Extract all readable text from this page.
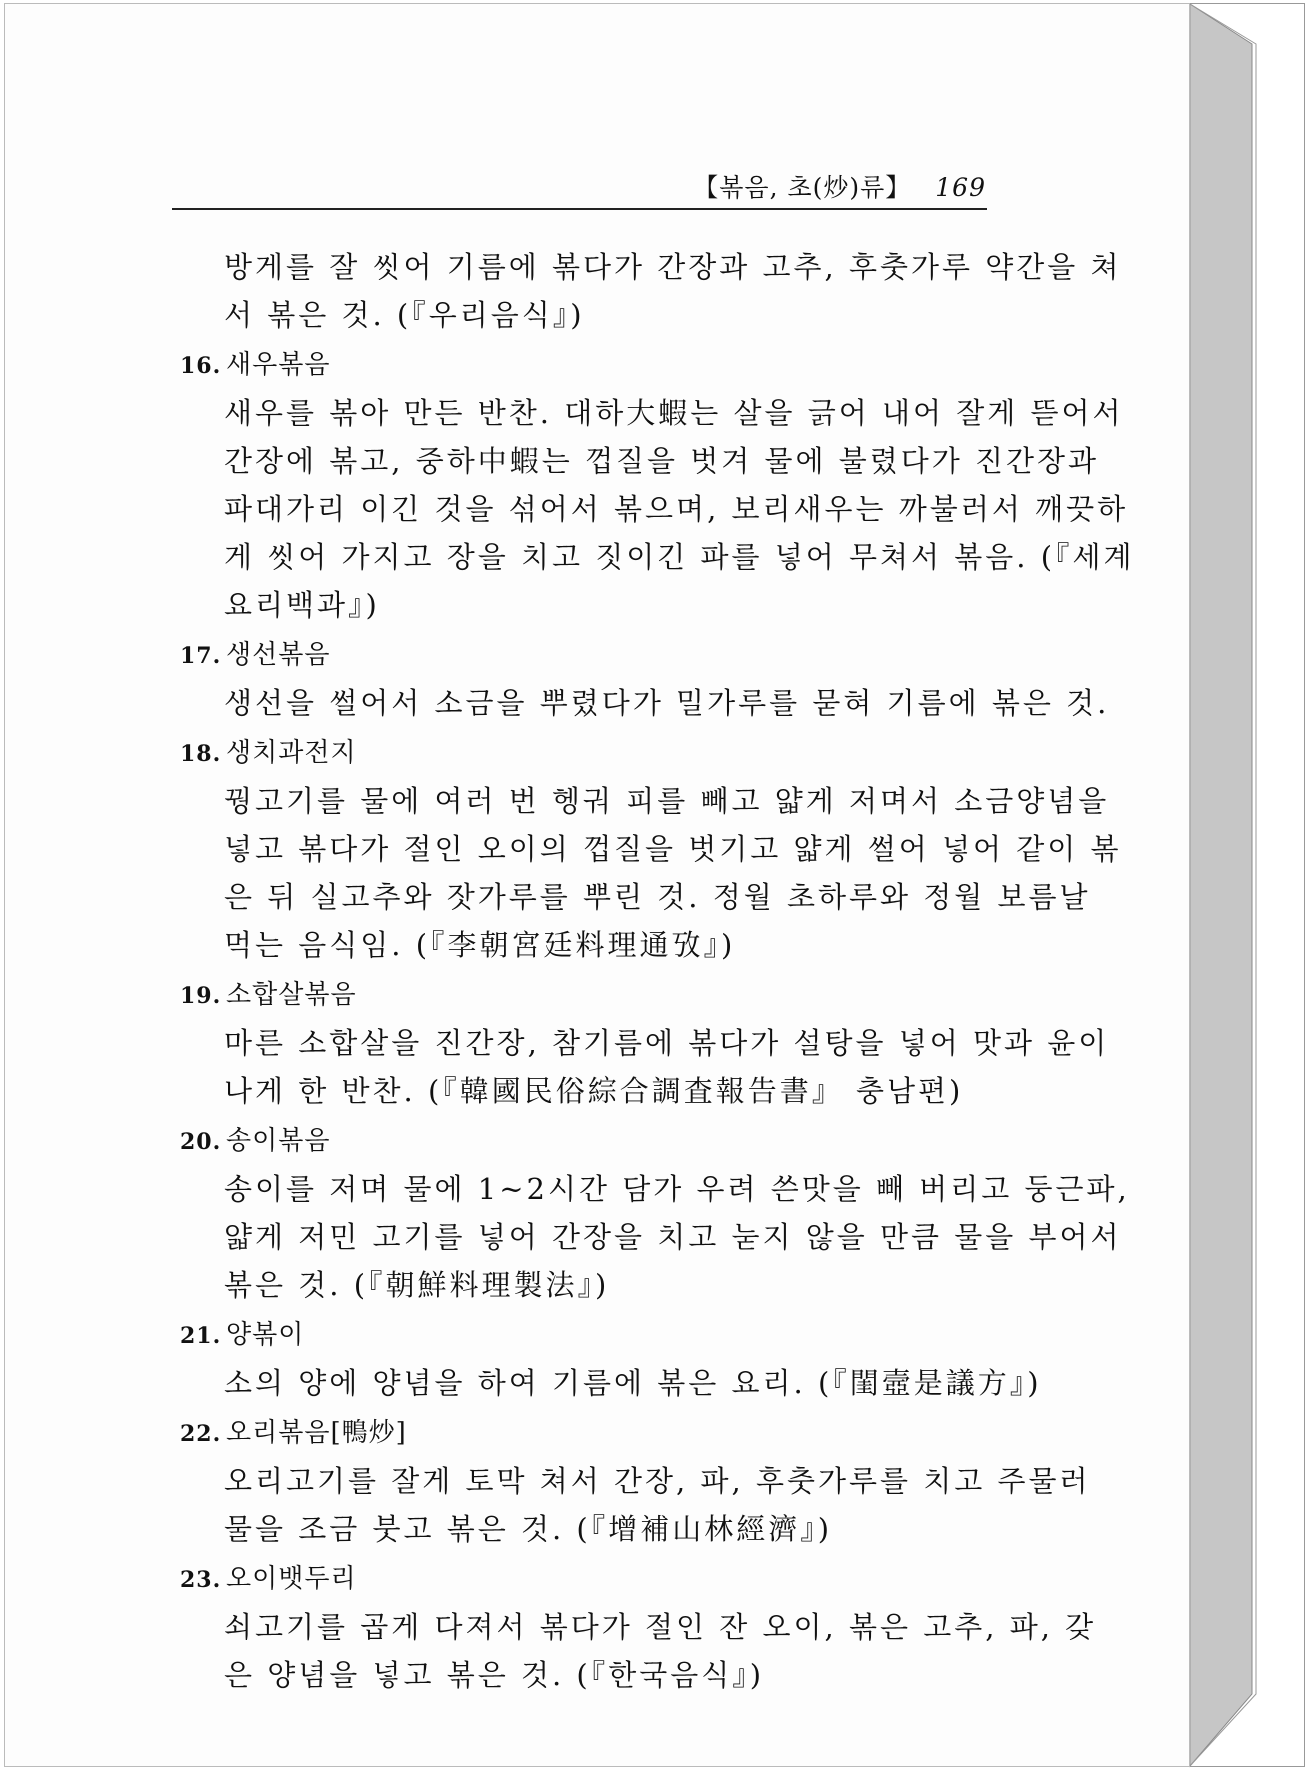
【볶음, 초(炒)류】 169
방게를 잘 씻어 기름에 볶다가 간장과 고추, 후춧가루 약간을 쳐
서 볶은 것. (『우리음식』)
16. 새우볶음
새우를 볶아 만든 반찬. 대하大蝦는 살을 긁어 내어 잘게 뜯어서
간장에 볶고, 중하中蝦는 껍질을 벗겨 물에 불렸다가 진간장과
파대가리 이긴 것을 섞어서 볶으며, 보리새우는 까불러서 깨끗하
게 씻어 가지고 장을 치고 짓이긴 파를 넣어 무쳐서 볶음. (『세계
요리백과』)
17. 생선볶음
생선을 썰어서 소금을 뿌렸다가 밀가루를 묻혀 기름에 볶은 것.
18. 생치과전지
꿩고기를 물에 여러 번 헹궈 피를 빼고 얇게 저며서 소금양념을
넣고 볶다가 절인 오이의 껍질을 벗기고 얇게 썰어 넣어 같이 볶
은 뒤 실고추와 잣가루를 뿌린 것. 정월 초하루와 정월 보름날
먹는 음식임. (『李朝宮廷料理通攷』)
19. 소합살볶음
마른 소합살을 진간장, 참기름에 볶다가 설탕을 넣어 맛과 윤이
나게 한 반찬. (『韓國民俗綜合調査報告書』 충남편)
20. 송이볶음
송이를 저며 물에 1~2시간 담가 우려 쓴맛을 빼 버리고 둥근파,
얇게 저민 고기를 넣어 간장을 치고 눋지 않을 만큼 물을 부어서
볶은 것. (『朝鮮料理製法』)
21. 양볶이
소의 양에 양념을 하여 기름에 볶은 요리. (『閨壼是議方』)
22. 오리볶음[鴨炒]
오리고기를 잘게 토막 쳐서 간장, 파, 후춧가루를 치고 주물러
물을 조금 붓고 볶은 것. (『增補山林經濟』)
23. 오이뱃두리
쇠고기를 곱게 다져서 볶다가 절인 잔 오이, 볶은 고추, 파, 갖
은 양념을 넣고 볶은 것. (『한국음식』)
